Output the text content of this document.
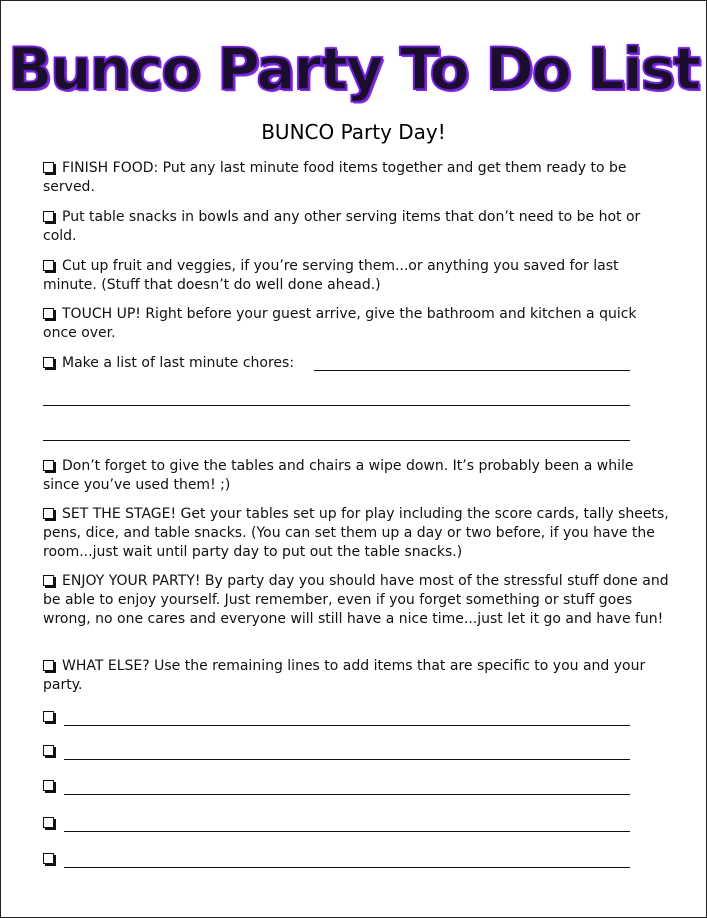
Bunco Party To Do List
BUNCO Party Day!
FINISH FOOD: Put any last minute food items together and get them ready to be served.
Put table snacks in bowls and any other serving items that don’t need to be hot or cold.
Cut up fruit and veggies, if you’re serving them...or anything you saved for last minute. (Stuff that doesn’t do well done ahead.)
TOUCH UP! Right before your guest arrive, give the bathroom and kitchen a quick once over.
Make a list of last minute chores:
Don’t forget to give the tables and chairs a wipe down. It’s probably been a while since you’ve used them! ;)
SET THE STAGE! Get your tables set up for play including the score cards, tally sheets, pens, dice, and table snacks. (You can set them up a day or two before, if you have the room...just wait until party day to put out the table snacks.)
ENJOY YOUR PARTY! By party day you should have most of the stressful stuff done and be able to enjoy yourself. Just remember, even if you forget something or stuff goes wrong, no one cares and everyone will still have a nice time...just let it go and have fun!
WHAT ELSE? Use the remaining lines to add items that are specific to you and your party.
